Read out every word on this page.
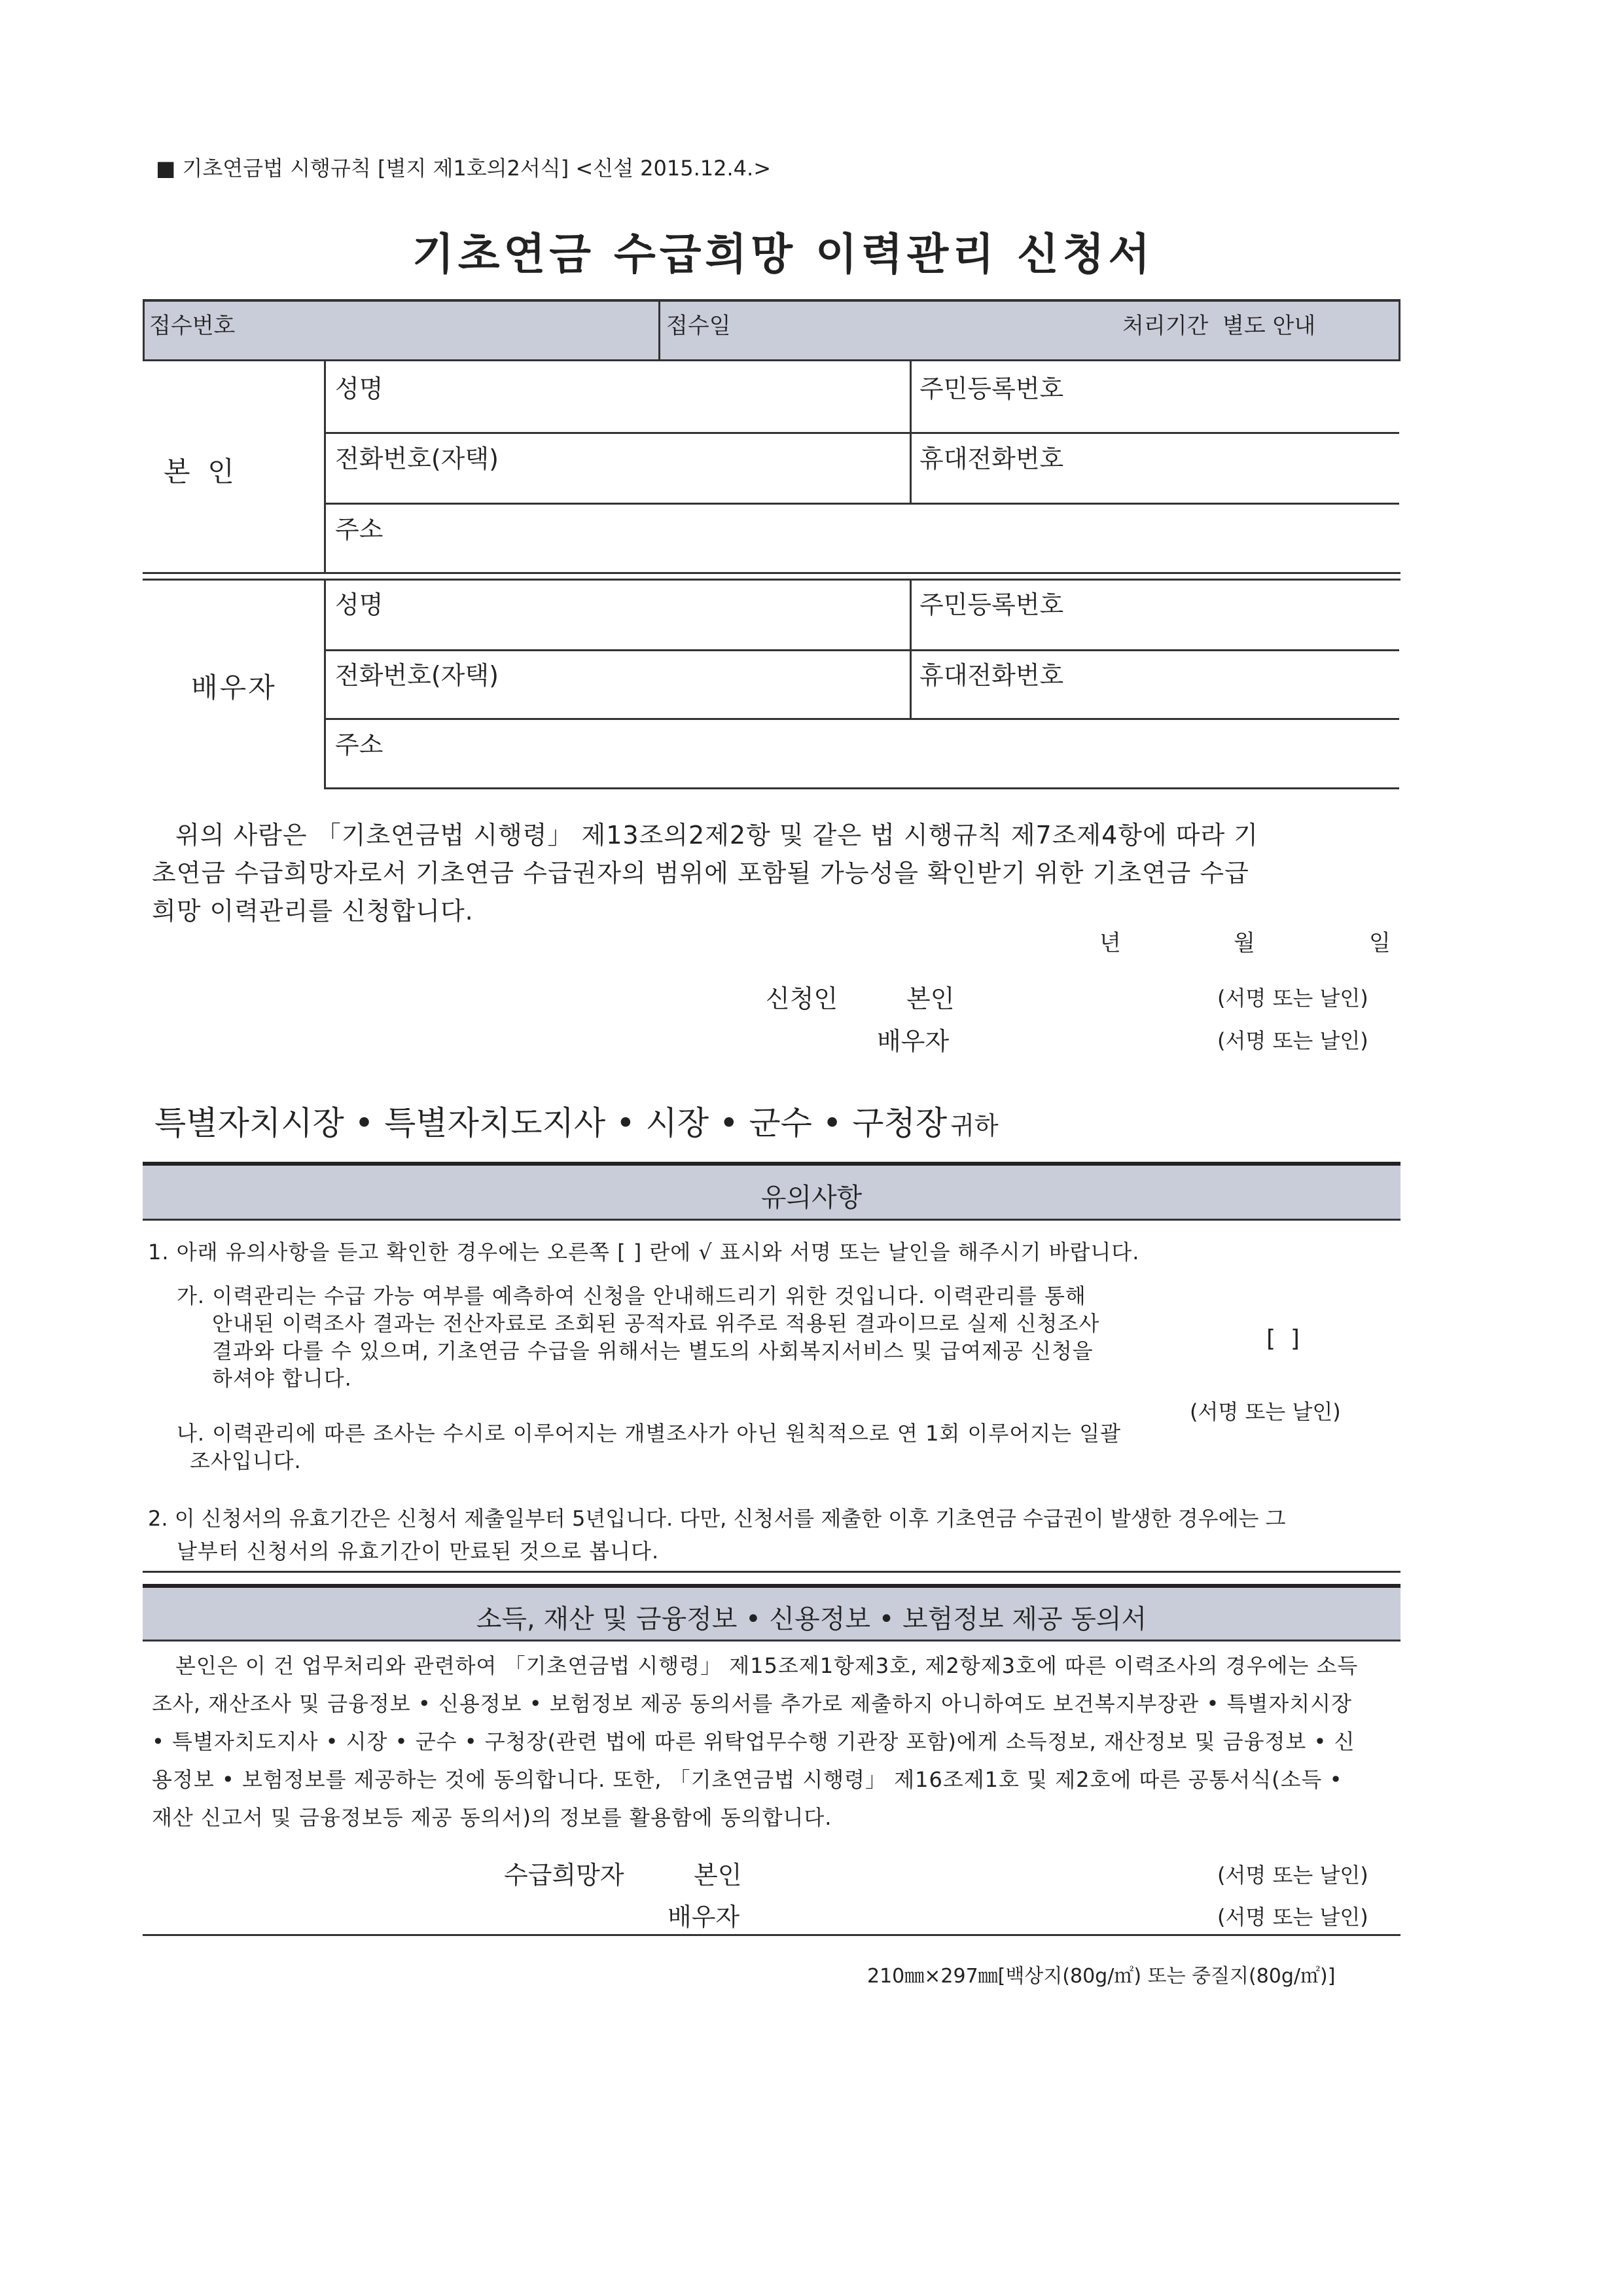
■ 기초연금법 시행규칙 [별지 제1호의2서식] <신설 2015.12.4.>
기초연금 수급희망 이력관리 신청서
접수번호	접수일	처리기간  별도 안내
본  인
성명	주민등록번호
전화번호(자택)	휴대전화번호
주소
배우자
성명	주민등록번호
전화번호(자택)	휴대전화번호
주소
위의 사람은 「기초연금법 시행령」 제13조의2제2항 및 같은 법 시행규칙 제7조제4항에 따라 기
초연금 수급희망자로서 기초연금 수급권자의 범위에 포함될 가능성을 확인받기 위한 기초연금 수급
희망 이력관리를 신청합니다.
년	월	일
신청인	본인	(서명 또는 날인)
배우자	(서명 또는 날인)
특별자치시장 • 특별자치도지사 • 시장 • 군수 • 구청장 귀하
유의사항
1. 아래 유의사항을 듣고 확인한 경우에는 오른쪽 [ ] 란에 √ 표시와 서명 또는 날인을 해주시기 바랍니다.
가. 이력관리는 수급 가능 여부를 예측하여 신청을 안내해드리기 위한 것입니다. 이력관리를 통해
안내된 이력조사 결과는 전산자료로 조회된 공적자료 위주로 적용된 결과이므로 실제 신청조사
결과와 다를 수 있으며, 기초연금 수급을 위해서는 별도의 사회복지서비스 및 급여제공 신청을
하셔야 합니다.
[  ]
(서명 또는 날인)
나. 이력관리에 따른 조사는 수시로 이루어지는 개별조사가 아닌 원칙적으로 연 1회 이루어지는 일괄
조사입니다.
2. 이 신청서의 유효기간은 신청서 제출일부터 5년입니다. 다만, 신청서를 제출한 이후 기초연금 수급권이 발생한 경우에는 그
날부터 신청서의 유효기간이 만료된 것으로 봅니다.
소득, 재산 및 금융정보 • 신용정보 • 보험정보 제공 동의서
본인은 이 건 업무처리와 관련하여 「기초연금법 시행령」 제15조제1항제3호, 제2항제3호에 따른 이력조사의 경우에는 소득
조사, 재산조사 및 금융정보 • 신용정보 • 보험정보 제공 동의서를 추가로 제출하지 아니하여도 보건복지부장관 • 특별자치시장
• 특별자치도지사 • 시장 • 군수 • 구청장(관련 법에 따른 위탁업무수행 기관장 포함)에게 소득정보, 재산정보 및 금융정보 • 신
용정보 • 보험정보를 제공하는 것에 동의합니다. 또한, 「기초연금법 시행령」 제16조제1호 및 제2호에 따른 공통서식(소득 •
재산 신고서 및 금융정보등 제공 동의서)의 정보를 활용함에 동의합니다.
수급희망자	본인	(서명 또는 날인)
배우자	(서명 또는 날인)
210㎜×297㎜[백상지(80g/㎡) 또는 중질지(80g/㎡)]
